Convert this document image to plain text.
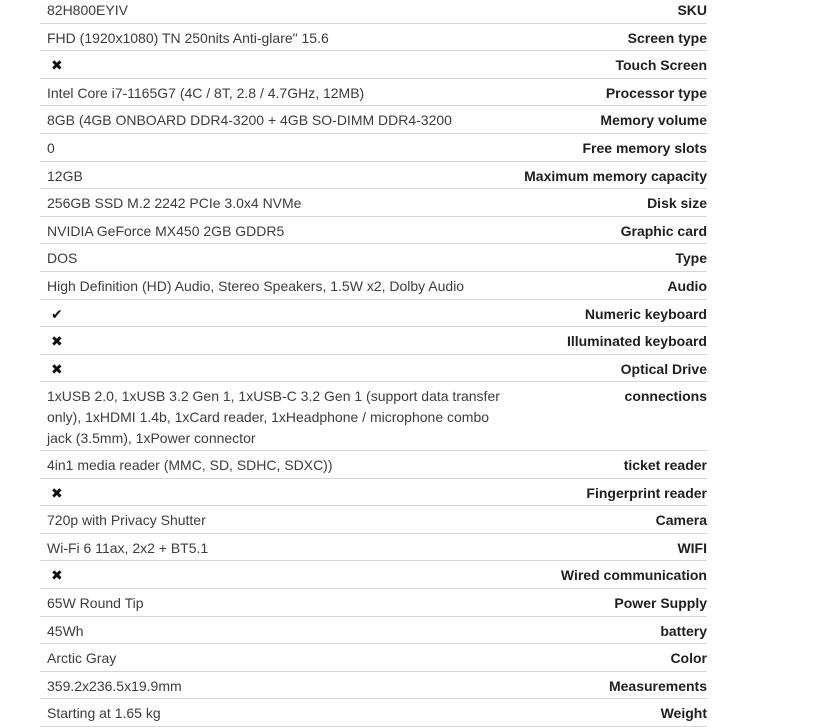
82H800EYIV	SKU
FHD (1920x1080) TN 250nits Anti-glare" 15.6	Screen type
✖	Touch Screen
Intel Core i7-1165G7 (4C / 8T, 2.8 / 4.7GHz, 12MB)	Processor type
8GB (4GB ONBOARD DDR4-3200 + 4GB SO-DIMM DDR4-3200	Memory volume
0	Free memory slots
12GB	Maximum memory capacity
256GB SSD M.2 2242 PCIe 3.0x4 NVMe	Disk size
NVIDIA GeForce MX450 2GB GDDR5	Graphic card
DOS	Type
High Definition (HD) Audio, Stereo Speakers, 1.5W x2, Dolby Audio	Audio
✔	Numeric keyboard
✖	Illuminated keyboard
✖	Optical Drive
1xUSB 2.0, 1xUSB 3.2 Gen 1, 1xUSB-C 3.2 Gen 1 (support data transfer only), 1xHDMI 1.4b, 1xCard reader, 1xHeadphone / microphone combo jack (3.5mm), 1xPower connector	connections
4in1 media reader (MMC, SD, SDHC, SDXC))	ticket reader
✖	Fingerprint reader
720p with Privacy Shutter	Camera
Wi-Fi 6 11ax, 2x2 + BT5.1	WIFI
✖	Wired communication
65W Round Tip	Power Supply
45Wh	battery
Arctic Gray	Color
359.2x236.5x19.9mm	Measurements
Starting at 1.65 kg	Weight
